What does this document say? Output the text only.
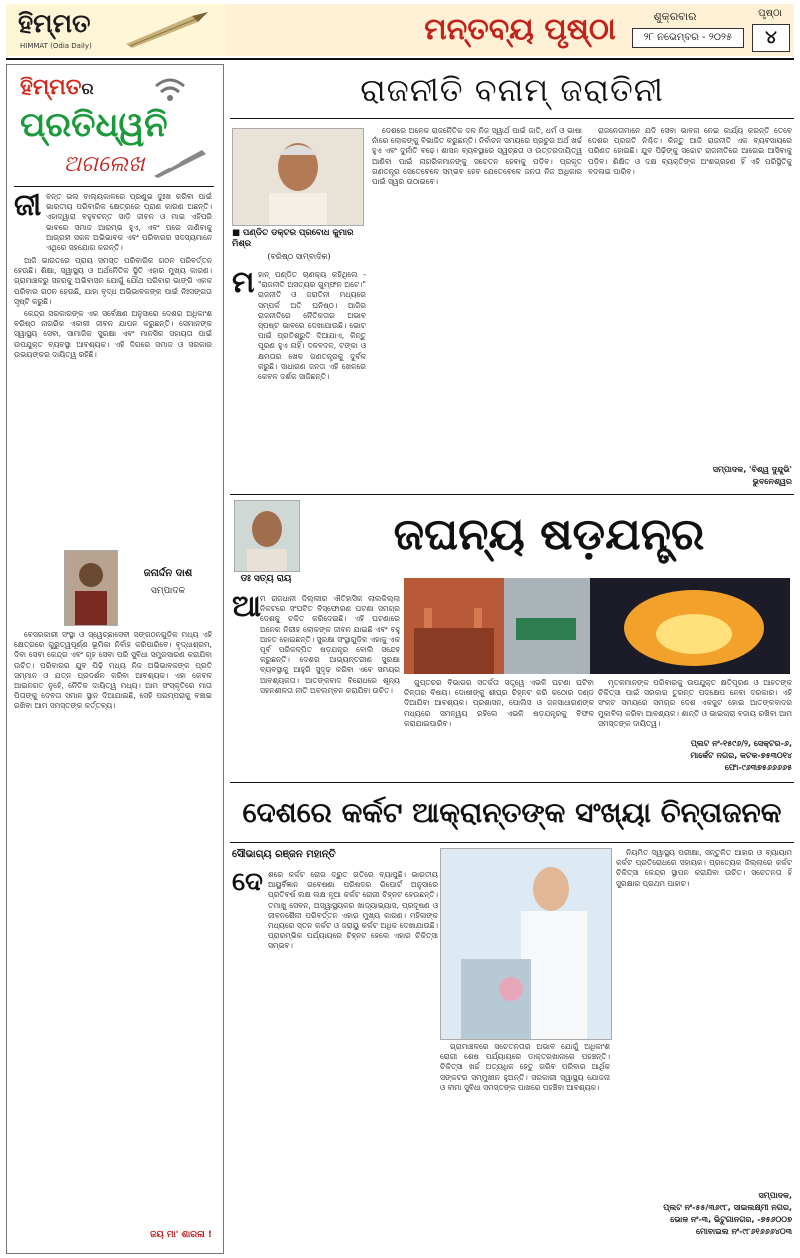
ହିମ୍ମତ
HIMMAT (Odia Daily)	ମନ୍ତବ୍ୟ ପୃଷ୍ଠା	ଶୁକ୍ରବାର
୨୮ ନଭେମ୍ବର - ୨୦୨୫
ପୃଷ୍ଠା
୪
ହିମ୍ମତର
ପ୍ରତିଧ୍ୱନି
ଅଗଲେଖ
ଜୀ ବନ୍ତ ଭଲ ବାଲ୍ୟକାଳରେ ପ୍ରଣୁଭ ଦୁଃଖ କରିବା ପାଇଁ ଭାରତୀୟ ପରିବାରିକ କ୍ଷେତ୍ରରେ ପ୍ରାଣ କାରଣ ଅଛନ୍ତି। ଏହାଦ୍ୱାରା ବହୁବଚନ୍ତ ସାଡ଼ି ଜୀବନ ଓ ମାଇ ଏହିପରି ଭାବରେ ସମାଜ ଆରମ୍ଭ ହୁଏ, ଏବଂ ପରେ ଜାଣିବାକୁ ଆଗ୍ରହୀ ସକଳ ଅଭିଭାବକ ଏବଂ ପରିବାରର ସଦସ୍ୟମାନେ ଏଥିରେ ସହଯୋଗ କରନ୍ତି।

ଆଜି ଭାରତରେ ପ୍ରାୟ ସମସ୍ତ ପରିବାରିକ ଗଠନ ପରିବର୍ତ୍ତନ ହେଉଛି। ଶିକ୍ଷା, ସ୍ୱାସ୍ଥ୍ୟ ଓ ଅର୍ଥନୈତିକ ସ୍ଥିତି ଏହାର ମୁଖ୍ୟ କାରଣ। ଗ୍ରାମାଞ୍ଚଳରୁ ସହରକୁ ଅଭିବାସନ ଯୋଗୁଁ ଯୌଥ ପରିବାର ଭାଙ୍ଗି ଏକକ ପରିବାର ଗଠନ ହେଉଛି, ଯାହା ବୃଦ୍ଧ ଅଭିଭାବକଙ୍କ ପାଇଁ ନିଃସଙ୍ଗତା ସୃଷ୍ଟି କରୁଛି।

କେନ୍ଦ୍ର ସରକାରଙ୍କ ଏକ ସର୍ବେକ୍ଷଣ ଅନୁସାରେ ଦେଶର ଅଧିକାଂଶ ବରିଷ୍ଠ ନାଗରିକ ଏକାକୀ ଜୀବନ ଯାପନ କରୁଛନ୍ତି। ସେମାନଙ୍କ ସ୍ୱାସ୍ଥ୍ୟ ସେବା, ସାମାଜିକ ସୁରକ୍ଷା ଏବଂ ମାନସିକ ସହାୟତା ପାଇଁ ଉପଯୁକ୍ତ ବ୍ୟବସ୍ଥା ଆବଶ୍ୟକ। ଏହି ଦିଗରେ ସମାଜ ଓ ସରକାର ଉଭୟଙ୍କର ଦାୟିତ୍ୱ ରହିଛି।

ଜନାର୍ଦ୍ଦନ ଦାଶ
ସମ୍ପାଦକ

ବେସରକାରୀ ସଂସ୍ଥା ଓ ସ୍ୱେଚ୍ଛାସେବୀ ସଙ୍ଗଠନଗୁଡ଼ିକ ମଧ୍ୟ ଏହି କ୍ଷେତ୍ରରେ ଗୁରୁତ୍ୱପୂର୍ଣ୍ଣ ଭୂମିକା ନିର୍ବାହ କରିପାରିବେ। ବୃଦ୍ଧାଶ୍ରମ, ଦିବା ସେବା କେନ୍ଦ୍ର ଏବଂ ଗୃହ ସେବା ପରି ସୁବିଧା ସମ୍ପ୍ରସାରଣ କରାଯିବା ଉଚିତ। ପରିବାରର ଯୁବ ପିଢ଼ି ମଧ୍ୟ ନିଜ ଅଭିଭାବକଙ୍କ ପ୍ରତି ସମ୍ମାନ ଓ ଯତ୍ନ ପ୍ରଦର୍ଶନ କରିବା ଆବଶ୍ୟକ। ଏହା କେବଳ ଆଇନଗତ ନୁହେଁ, ନୈତିକ ଦାୟିତ୍ୱ ମଧ୍ୟ। ଆମ ସଂସ୍କୃତିରେ ମାତା ପିତାଙ୍କୁ ଦେବତା ସମାନ ସ୍ଥାନ ଦିଆଯାଇଛି, ସେହି ପରମ୍ପରାକୁ ବଞ୍ଚାଇ ରଖିବା ଆମ ସମସ୍ତଙ୍କ କର୍ତ୍ତବ୍ୟ।

ଜୟ ମା' ଶାରଳା !
ରାଜନୀତି ବନାମ୍ ଜରାତିନୀ
■ ପଣ୍ଡିତ ଡକ୍ଟର ପ୍ରବୋଧ କୁମାର ମିଶ୍ର
(ବରିଷ୍ଠ ସାମ୍ବାଦିକ)
ମ ହାନ୍ ପଣ୍ଡିତ ଚାଣକ୍ୟ କହିଥିଲେ - "ରାଜନୀତି ଅସତ୍ୟର ଗୁମ୍ଫନ ଅଟେ।" ରାଜନୀତି ଓ ଜରାତିନୀ ମଧ୍ୟରେ ସମ୍ପର୍କ ଅତି ଘନିଷ୍ଠ। ଆଜିର ରାଜନୀତିରେ ନୈତିକତାର ଅଭାବ ସ୍ପଷ୍ଟ ଭାବରେ ଦେଖାଯାଉଛି। ଭୋଟ ପାଇଁ ପ୍ରତିଶ୍ରୁତି ଦିଆଯାଏ, କିନ୍ତୁ ପୂରଣ ହୁଏ ନାହିଁ। ଦଳବଦଳ, ଟଙ୍କା ଓ କ୍ଷମତାର ଖେଳ ଗଣତନ୍ତ୍ରକୁ ଦୁର୍ବଳ କରୁଛି। ସାଧାରଣ ଜନତା ଏହି ଖେଳରେ କେବଳ ଦର୍ଶକ ସାଜିଛନ୍ତି।

ଦେଶରେ ଅନେକ ରାଜନୈତିକ ଦଳ ନିଜ ସ୍ୱାର୍ଥ ପାଇଁ ଜାତି, ଧର୍ମ ଓ ଭାଷା ନାଁରେ ଲୋକଙ୍କୁ ବିଭାଜିତ କରୁଛନ୍ତି। ନିର୍ବାଚନ ସମୟରେ ପ୍ରଚୁର ଅର୍ଥ ଖର୍ଚ୍ଚ ହୁଏ ଏବଂ ଦୁର୍ନୀତି ବଢ଼େ। ଶାସନ ବ୍ୟବସ୍ଥାରେ ସ୍ୱଚ୍ଛତା ଓ ଉତ୍ତରଦାୟିତ୍ୱ ଆଣିବା ପାଇଁ ନାଗରିକମାନଙ୍କୁ ସଚେତନ ହେବାକୁ ପଡ଼ିବ। ପ୍ରକୃତ ଗଣତନ୍ତ୍ର ସେତେବେଳେ ସମ୍ଭବ ହେବ ଯେତେବେଳେ ଜନତା ନିଜ ଅଧିକାର ପାଇଁ ସ୍ୱର ଉଠାଇବେ।

ରାଜନେତାମାନେ ଯଦି ସେବା ଭାବନା ନେଇ କାର୍ଯ୍ୟ କରନ୍ତି ତେବେ ଦେଶର ପ୍ରଗତି ନିଶ୍ଚିତ। କିନ୍ତୁ ଆଜି ରାଜନୀତି ଏକ ବ୍ୟବସାୟରେ ପରିଣତ ହୋଇଛି। ଯୁବ ପିଢ଼ିଙ୍କୁ ସଚ୍ଚୋଟ ରାଜନୀତିରେ ଆଗେଇ ଆସିବାକୁ ପଡ଼ିବ। ଶିକ୍ଷିତ ଓ ଦକ୍ଷ ବ୍ୟକ୍ତିଙ୍କ ଅଂଶଗ୍ରହଣ ହିଁ ଏହି ପରିସ୍ଥିତିକୁ ବଦଳାଇ ପାରିବ।

ସମ୍ପାଦକ, 'ବିଶ୍ୱ ଦୁନ୍ଦୁଭି'
ଭୁବନେଶ୍ୱର
ଡଃ ସତ୍ୟ ରାୟ
ଜଘନ୍ୟ ଷଡ଼ଯନ୍ତ୍ର
ଆ
ମ ରାଜଧାନୀ ଦିଲ୍ଲୀର ଐତିହାସିକ ଲାଲକିଲ୍ଲା ନିକଟରେ ସଂଘଟିତ ବିସ୍ଫୋରଣ ଘଟଣା ସମଗ୍ର ଦେଶକୁ ଚକିତ କରିଦେଇଛି। ଏହି ଘଟଣାରେ ଅନେକ ନିରୀହ ଲୋକଙ୍କ ଜୀବନ ଯାଇଛି ଏବଂ ବହୁ ଆହତ ହୋଇଛନ୍ତି। ସୁରକ୍ଷା ସଂସ୍ଥାଗୁଡ଼ିକ ଏହାକୁ ଏକ ପୂର୍ବ ପରିକଳ୍ପିତ ଷଡ଼ଯନ୍ତ୍ର ବୋଲି ସନ୍ଦେହ କରୁଛନ୍ତି। ଦେଶର ଆଭ୍ୟନ୍ତରୀଣ ସୁରକ୍ଷା ବ୍ୟବସ୍ଥାକୁ ଆହୁରି ସୁଦୃଢ଼ କରିବା ଏବେ ସମୟର ଆବଶ୍ୟକତା। ଆତଙ୍କବାଦ ବିରୋଧରେ ଶୂନ୍ୟ ସହନଶୀଳତା ନୀତି ଅବଲମ୍ବନ କରାଯିବା ଉଚିତ।

ଗୁପ୍ତଚର ବିଭାଗର ସତର୍କତା ସତ୍ତ୍ୱେ ଏଭଳି ଘଟଣା ଘଟିବା ଚିନ୍ତାର ବିଷୟ। ଦୋଷୀଙ୍କୁ ଶୀଘ୍ର ଚିହ୍ନଟ କରି କଠୋର ଦଣ୍ଡ ଦିଆଯିବା ଆବଶ୍ୟକ। ପ୍ରଶାସନ, ପୋଲିସ ଓ ଜନସାଧାରଣଙ୍କ ମଧ୍ୟରେ ସମନ୍ୱୟ ରହିଲେ ଏଭଳି ଷଡ଼ଯନ୍ତ୍ରକୁ ବିଫଳ କରାଯାଇପାରିବ।

ମୃତକମାନଙ୍କ ପରିବାରକୁ ଉପଯୁକ୍ତ କ୍ଷତିପୂରଣ ଓ ଆହତଙ୍କ ଚିକିତ୍ସା ପାଇଁ ସରକାର ତୁରନ୍ତ ପଦକ୍ଷେପ ନେବା ଦରକାର। ଏହି ସଂକଟ ସମୟରେ ସମଗ୍ର ଦେଶ ଏକଜୁଟ ହୋଇ ଆତଙ୍କବାଦର ମୁକାବିଲା କରିବା ଆବଶ୍ୟକ। ଶାନ୍ତି ଓ ଭାଇଚାରା ବଜାୟ ରଖିବା ଆମ ସମସ୍ତଙ୍କ ଦାୟିତ୍ୱ।

ପ୍ଲଟ ନଂ-୧୫୯୬/୨, ସେକ୍ଟର-୬,
ମାର୍କେଟ ନଗର, କଟକ-୭୫୩୦୧୪
ଫୋ-୯୬୩୭୫୬୬୬୬୫
ଦେଶରେ କର୍କଟ ଆକ୍ରାନ୍ତଙ୍କ ସଂଖ୍ୟା ଚିନ୍ତାଜନକ
ସୌଭାଗ୍ୟ ରଞ୍ଜନ ମହାନ୍ତି
ଦେ ଶରେ କର୍କଟ ରୋଗ ଦ୍ରୁତ ଗତିରେ ବ୍ୟାପୁଛି। ଭାରତୀୟ ଆୟୁର୍ବିଜ୍ଞାନ ଗବେଷଣା ପରିଷଦର ରିପୋର୍ଟ ଅନୁସାରେ ପ୍ରତିବର୍ଷ ଲକ୍ଷ ଲକ୍ଷ ନୂଆ କର୍କଟ ରୋଗୀ ଚିହ୍ନଟ ହେଉଛନ୍ତି। ତମାଖୁ ସେବନ, ଅସ୍ୱାସ୍ଥ୍ୟକର ଖାଦ୍ୟାଭ୍ୟାସ, ପ୍ରଦୂଷଣ ଓ ଜୀବନଶୈଳୀ ପରିବର୍ତ୍ତନ ଏହାର ମୁଖ୍ୟ କାରଣ। ମହିଳାଙ୍କ ମଧ୍ୟରେ ସ୍ତନ କର୍କଟ ଓ ଜରାୟୁ କର୍କଟ ଅଧିକ ଦେଖାଯାଉଛି। ପ୍ରାରମ୍ଭିକ ପର୍ଯ୍ୟାୟରେ ଚିହ୍ନଟ ହେଲେ ଏହାର ଚିକିତ୍ସା ସମ୍ଭବ।

ଗ୍ରାମାଞ୍ଚଳରେ ସଚେତନତାର ଅଭାବ ଯୋଗୁଁ ଅଧିକାଂଶ ରୋଗୀ ଶେଷ ପର୍ଯ୍ୟାୟରେ ଡାକ୍ତରଖାନାରେ ପହଞ୍ଚନ୍ତି। ଚିକିତ୍ସା ଖର୍ଚ୍ଚ ଅତ୍ୟଧିକ ହେତୁ ଗରିବ ପରିବାର ଆର୍ଥିକ ସଙ୍କଟର ସମ୍ମୁଖୀନ ହୁଅନ୍ତି। ସରକାରୀ ସ୍ୱାସ୍ଥ୍ୟ ଯୋଜନା ଓ ବୀମା ସୁବିଧା ସମସ୍ତଙ୍କ ପାଖରେ ପହଞ୍ଚିବା ଆବଶ୍ୟକ।

ନିୟମିତ ସ୍ୱାସ୍ଥ୍ୟ ପରୀକ୍ଷା, ସନ୍ତୁଳିତ ଆହାର ଓ ବ୍ୟାୟାମ କର୍କଟ ପ୍ରତିରୋଧରେ ସହାୟକ। ପ୍ରତ୍ୟେକ ଜିଲ୍ଲାରେ କର୍କଟ ଚିକିତ୍ସା କେନ୍ଦ୍ର ସ୍ଥାପନ କରାଯିବା ଉଚିତ। ସଚେତନତା ହିଁ ସୁରକ୍ଷାର ପ୍ରଥମ ପାହାଚ।

ସମ୍ପାଦକ,
ପ୍ଲଟ ନଂ-୫୫/୩୬୯୮, ସାଇଲକ୍ଷ୍ମୀ ନଗର,
ଭୋଳ ନଂ-୩, ଭିଟୁଗାନଗର, -୭୫୬୦୦୭
ମୋବାଇଲ ନଂ-୯୮୬୧୬୬୬୪୦୩
